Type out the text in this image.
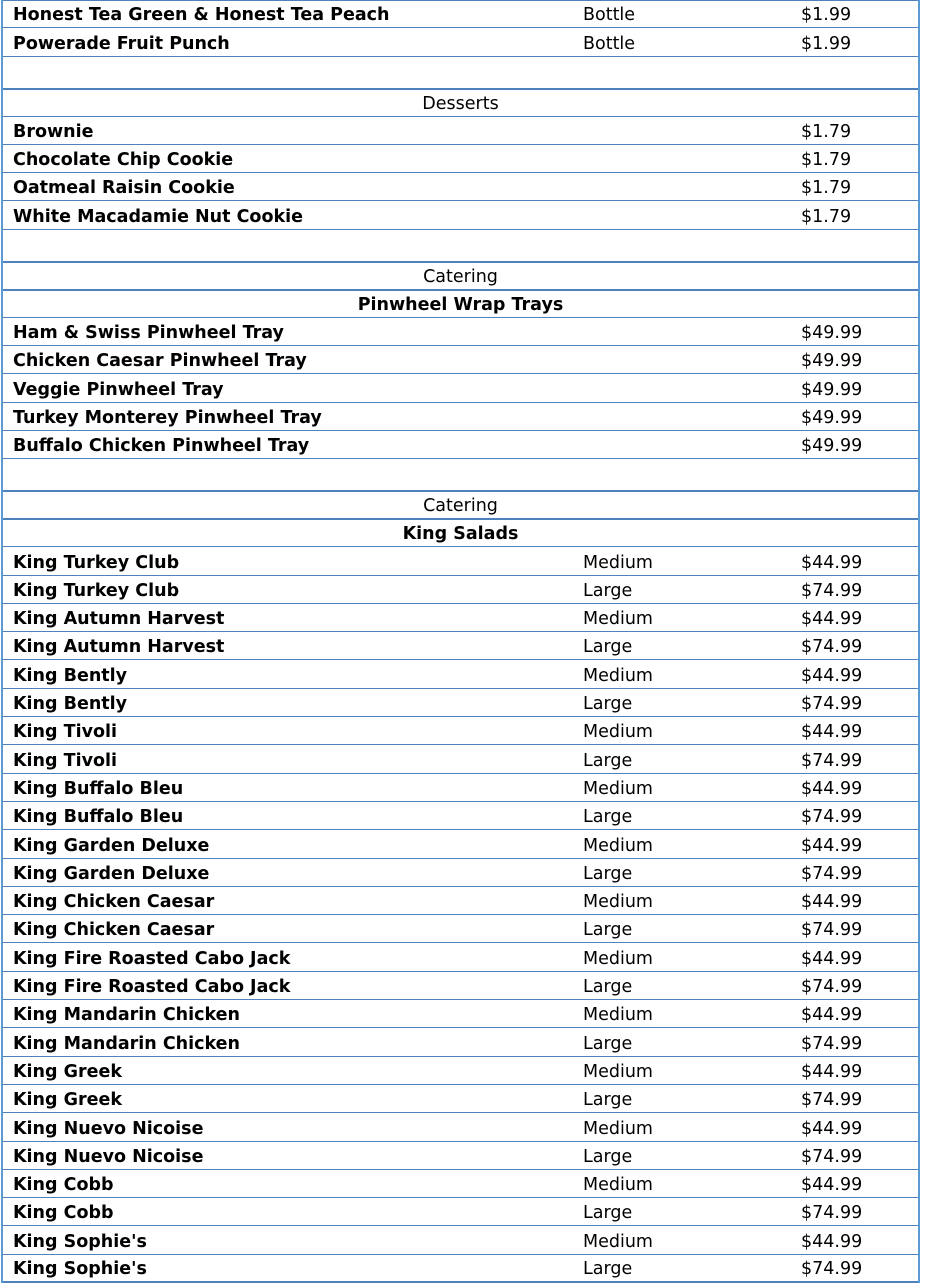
Honest Tea Green & Honest Tea Peach	Bottle	$1.99
Powerade Fruit Punch	Bottle	$1.99
Desserts
Brownie	$1.79
Chocolate Chip Cookie	$1.79
Oatmeal Raisin Cookie	$1.79
White Macadamie Nut Cookie	$1.79
Catering
Pinwheel Wrap Trays
Ham & Swiss Pinwheel Tray	$49.99
Chicken Caesar Pinwheel Tray	$49.99
Veggie Pinwheel Tray	$49.99
Turkey Monterey Pinwheel Tray	$49.99
Buffalo Chicken Pinwheel Tray	$49.99
Catering
King Salads
King Turkey Club	Medium	$44.99
King Turkey Club	Large	$74.99
King Autumn Harvest	Medium	$44.99
King Autumn Harvest	Large	$74.99
King Bently	Medium	$44.99
King Bently	Large	$74.99
King Tivoli	Medium	$44.99
King Tivoli	Large	$74.99
King Buffalo Bleu	Medium	$44.99
King Buffalo Bleu	Large	$74.99
King Garden Deluxe	Medium	$44.99
King Garden Deluxe	Large	$74.99
King Chicken Caesar	Medium	$44.99
King Chicken Caesar	Large	$74.99
King Fire Roasted Cabo Jack	Medium	$44.99
King Fire Roasted Cabo Jack	Large	$74.99
King Mandarin Chicken	Medium	$44.99
King Mandarin Chicken	Large	$74.99
King Greek	Medium	$44.99
King Greek	Large	$74.99
King Nuevo Nicoise	Medium	$44.99
King Nuevo Nicoise	Large	$74.99
King Cobb	Medium	$44.99
King Cobb	Large	$74.99
King Sophie's	Medium	$44.99
King Sophie's	Large	$74.99
